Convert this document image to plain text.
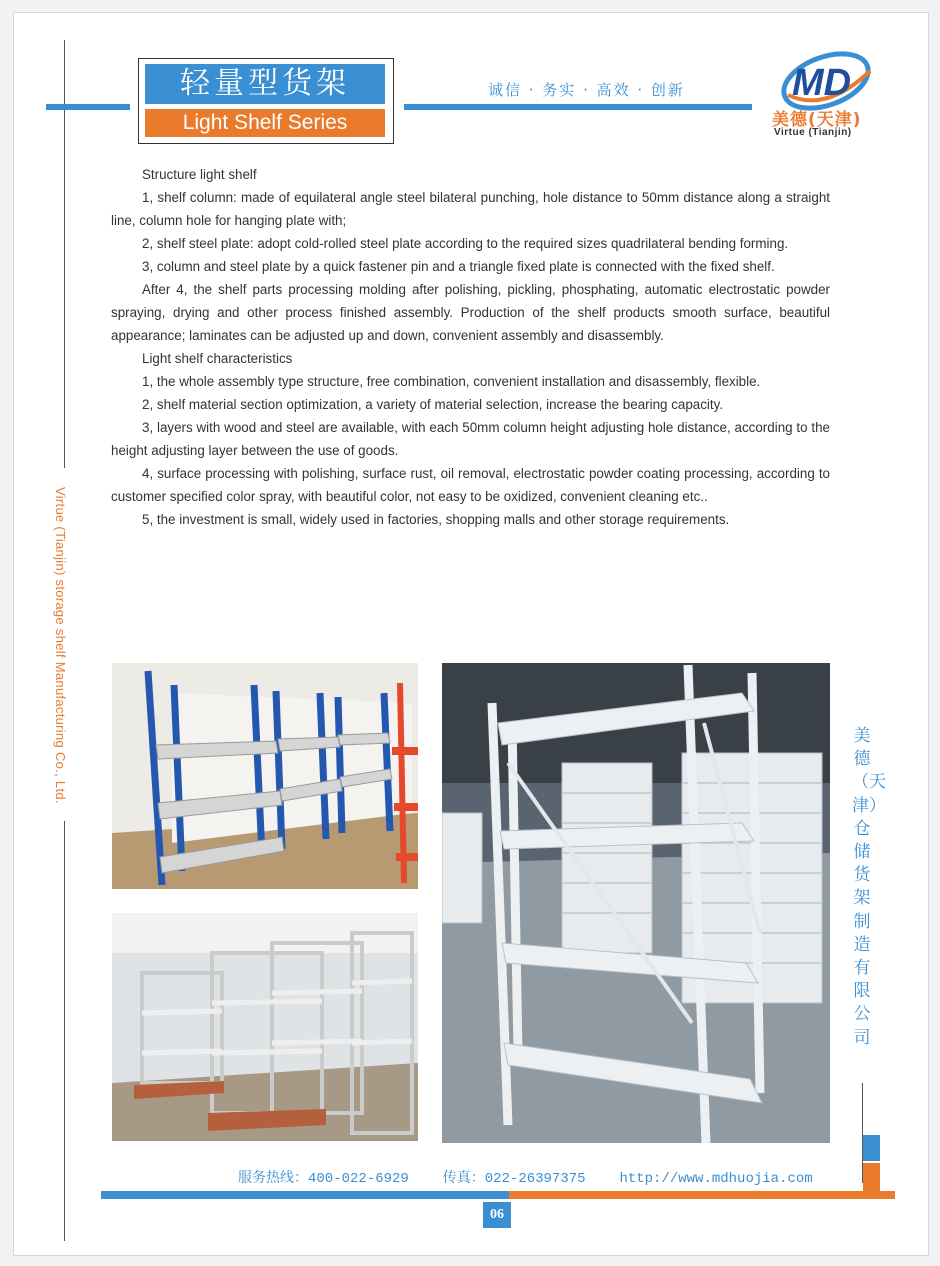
轻量型货架
Light Shelf Series
诚信 · 务实 · 高效 · 创新	MD
美德(天津)
Virtue (Tianjin)

Structure light shelf

1, shelf column: made of equilateral angle steel bilateral punching, hole distance to 50mm distance along a straight line, column hole for hanging plate with;

2, shelf steel plate: adopt cold-rolled steel plate according to the required sizes quadrilateral bending forming.

3, column and steel plate by a quick fastener pin and a triangle fixed plate is connected with the fixed shelf.

After 4, the shelf parts processing molding after polishing, pickling, phosphating, automatic electrostatic powder spraying, drying and other process finished assembly. Production of the shelf products smooth surface, beautiful appearance; laminates can be adjusted up and down, convenient assembly and disassembly.

Light shelf characteristics

1, the whole assembly type structure, free combination, convenient installation and disassembly, flexible.

2, shelf material section optimization, a variety of material selection, increase the bearing capacity.

3, layers with wood and steel are available, with each 50mm column height adjusting hole distance, according to the height adjusting layer between the use of goods.

4, surface processing with polishing, surface rust, oil removal, electrostatic powder coating processing, according to customer specified color spray, with beautiful color, not easy to be oxidized, convenient cleaning etc..

5, the investment is small, widely used in factories, shopping malls and other storage requirements.

Virtue (Tianjin) storage shelf Manufacturing Co., Ltd.	美德（天津）仓储货架制造有限公司
服务热线：400-022-6929 传真：022-26397375 http://www.mdhuojia.com
06
